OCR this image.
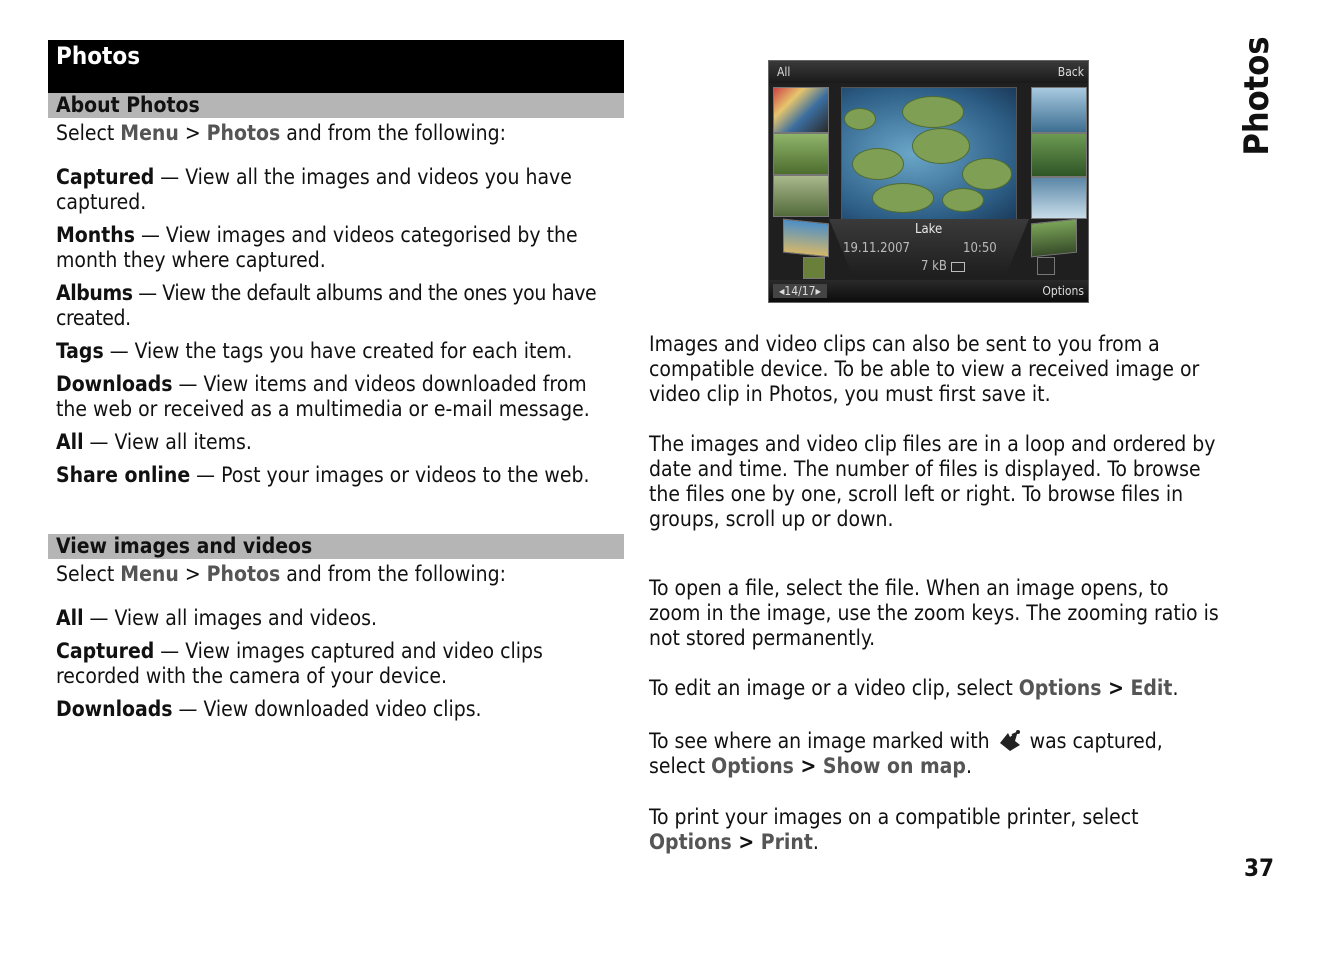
Photos
About Photos

Select Menu > Photos and from the following:

Captured — View all the images and videos you have captured.

Months — View images and videos categorised by the month they where captured.

Albums — View the default albums and the ones you have created.

Tags — View the tags you have created for each item.

Downloads — View items and videos downloaded from the web or received as a multimedia or e-mail message.

All — View all items.

Share online — Post your images or videos to the web.

View images and videos

Select Menu > Photos and from the following:

All — View all images and videos.

Captured — View images captured and video clips recorded with the camera of your device.

Downloads — View downloaded video clips.

All	Back
Lake
19.11.2007	10:50
7 kB
◂14/17▸	Options

Images and video clips can also be sent to you from a compatible device. To be able to view a received image or video clip in Photos, you must first save it.

The images and video clip files are in a loop and ordered by date and time. The number of files is displayed. To browse the files one by one, scroll left or right. To browse files in groups, scroll up or down.

To open a file, select the file. When an image opens, to zoom in the image, use the zoom keys. The zooming ratio is not stored permanently.

To edit an image or a video clip, select Options > Edit.

To see where an image marked with  was captured, select Options > Show on map.

To print your images on a compatible printer, select Options > Print.

Photos
37
